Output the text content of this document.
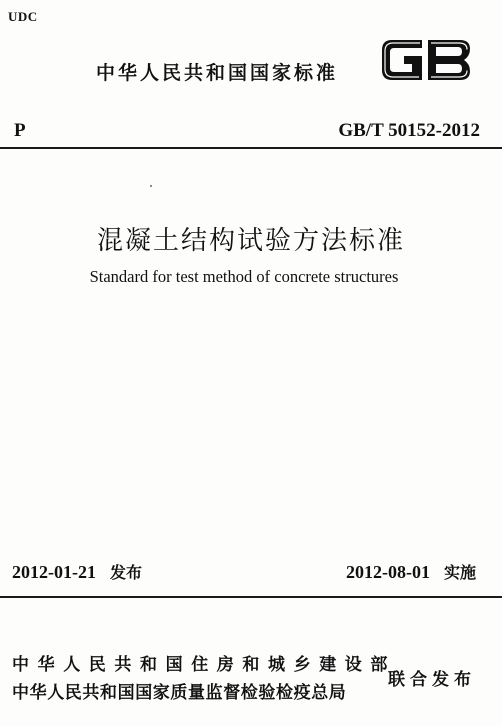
UDC
中华人民共和国国家标准
P	GB/T 50152-2012
混凝土结构试验方法标准
Standard for test method of concrete structures
2012-01-21 发布	2012-08-01 实施
中华人民共和国住房和城乡建设部
中华人民共和国国家质量监督检验检疫总局
联合发布
